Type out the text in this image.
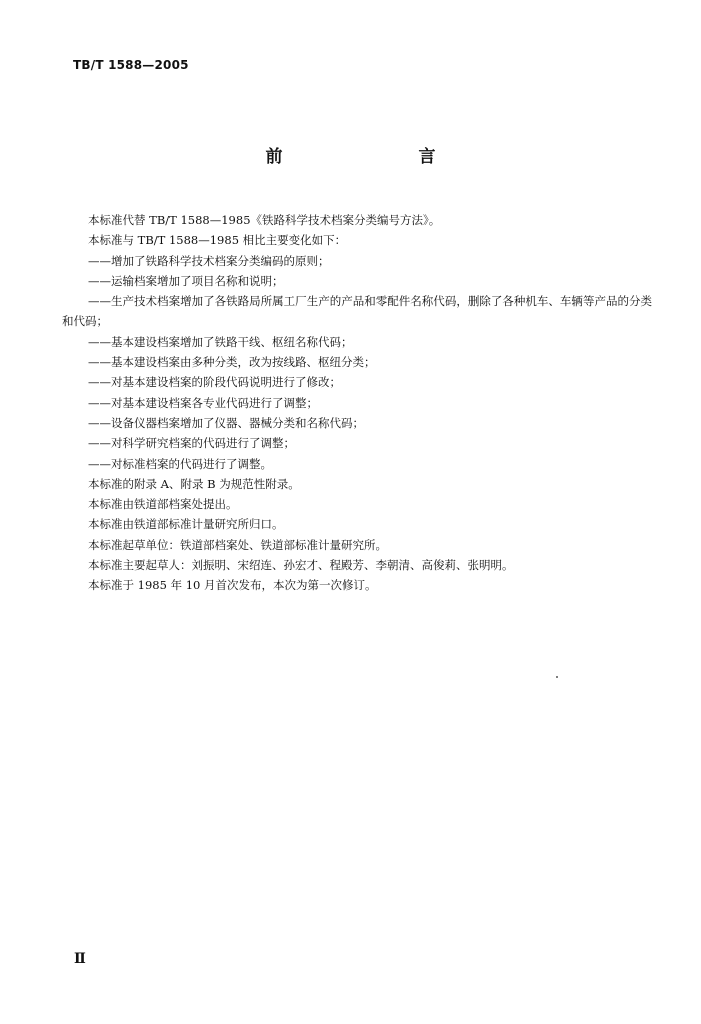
TB/T 1588—2005
前　　言

本标准代替 TB/T 1588—1985《铁路科学技术档案分类编号方法》。

本标准与 TB/T 1588—1985 相比主要变化如下：

——增加了铁路科学技术档案分类编码的原则；

——运输档案增加了项目名称和说明；

——生产技术档案增加了各铁路局所属工厂生产的产品和零配件名称代码，删除了各种机车、车辆等产品的分类和代码；

——基本建设档案增加了铁路干线、枢纽名称代码；

——基本建设档案由多种分类，改为按线路、枢纽分类；

——对基本建设档案的阶段代码说明进行了修改；

——对基本建设档案各专业代码进行了调整；

——设备仪器档案增加了仪器、器械分类和名称代码；

——对科学研究档案的代码进行了调整；

——对标准档案的代码进行了调整。

本标准的附录 A、附录 B 为规范性附录。

本标准由铁道部档案处提出。

本标准由铁道部标准计量研究所归口。

本标准起草单位：铁道部档案处、铁道部标准计量研究所。

本标准主要起草人：刘振明、宋绍连、孙宏才、程殿芳、李朝清、高俊莉、张明明。

本标准于 1985 年 10 月首次发布，本次为第一次修订。

Ⅱ
